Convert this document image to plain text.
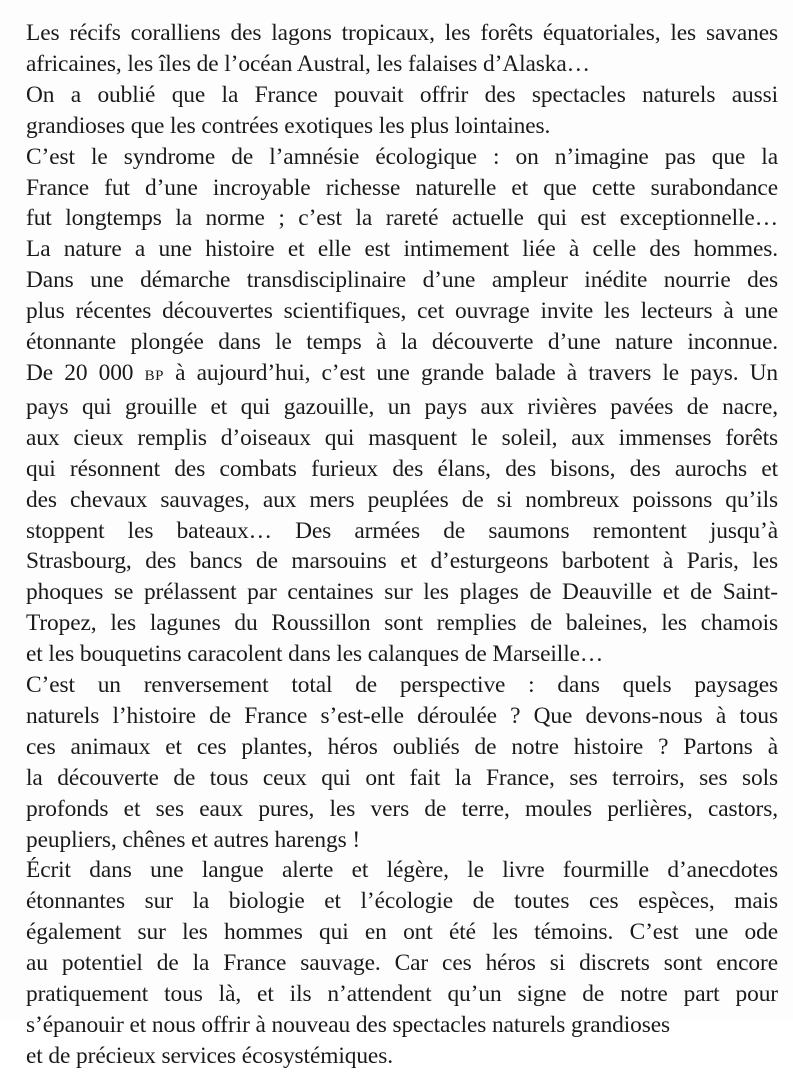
Les récifs coralliens des lagons tropicaux, les forêts équatoriales, les savanes
africaines, les îles de l’océan Austral, les falaises d’Alaska…
On a oublié que la France pouvait offrir des spectacles naturels aussi
grandioses que les contrées exotiques les plus lointaines.
C’est le syndrome de l’amnésie écologique : on n’imagine pas que la
France fut d’une incroyable richesse naturelle et que cette surabondance
fut longtemps la norme ; c’est la rareté actuelle qui est exceptionnelle…
La nature a une histoire et elle est intimement liée à celle des hommes.
Dans une démarche transdisciplinaire d’une ampleur inédite nourrie des
plus récentes découvertes scientifiques, cet ouvrage invite les lecteurs à une
étonnante plongée dans le temps à la découverte d’une nature inconnue.
De 20 000 BP à aujourd’hui, c’est une grande balade à travers le pays. Un
pays qui grouille et qui gazouille, un pays aux rivières pavées de nacre,
aux cieux remplis d’oiseaux qui masquent le soleil, aux immenses forêts
qui résonnent des combats furieux des élans, des bisons, des aurochs et
des chevaux sauvages, aux mers peuplées de si nombreux poissons qu’ils
stoppent les bateaux… Des armées de saumons remontent jusqu’à
Strasbourg, des bancs de marsouins et d’esturgeons barbotent à Paris, les
phoques se prélassent par centaines sur les plages de Deauville et de Saint-
Tropez, les lagunes du Roussillon sont remplies de baleines, les chamois
et les bouquetins caracolent dans les calanques de Marseille…
C’est un renversement total de perspective : dans quels paysages
naturels l’histoire de France s’est-elle déroulée ? Que devons-nous à tous
ces animaux et ces plantes, héros oubliés de notre histoire ? Partons à
la découverte de tous ceux qui ont fait la France, ses terroirs, ses sols
profonds et ses eaux pures, les vers de terre, moules perlières, castors,
peupliers, chênes et autres harengs !
Écrit dans une langue alerte et légère, le livre fourmille d’anecdotes
étonnantes sur la biologie et l’écologie de toutes ces espèces, mais
également sur les hommes qui en ont été les témoins. C’est une ode
au potentiel de la France sauvage. Car ces héros si discrets sont encore
pratiquement tous là, et ils n’attendent qu’un signe de notre part pour
s’épanouir et nous offrir à nouveau des spectacles naturels grandioses
et de précieux services écosystémiques.
